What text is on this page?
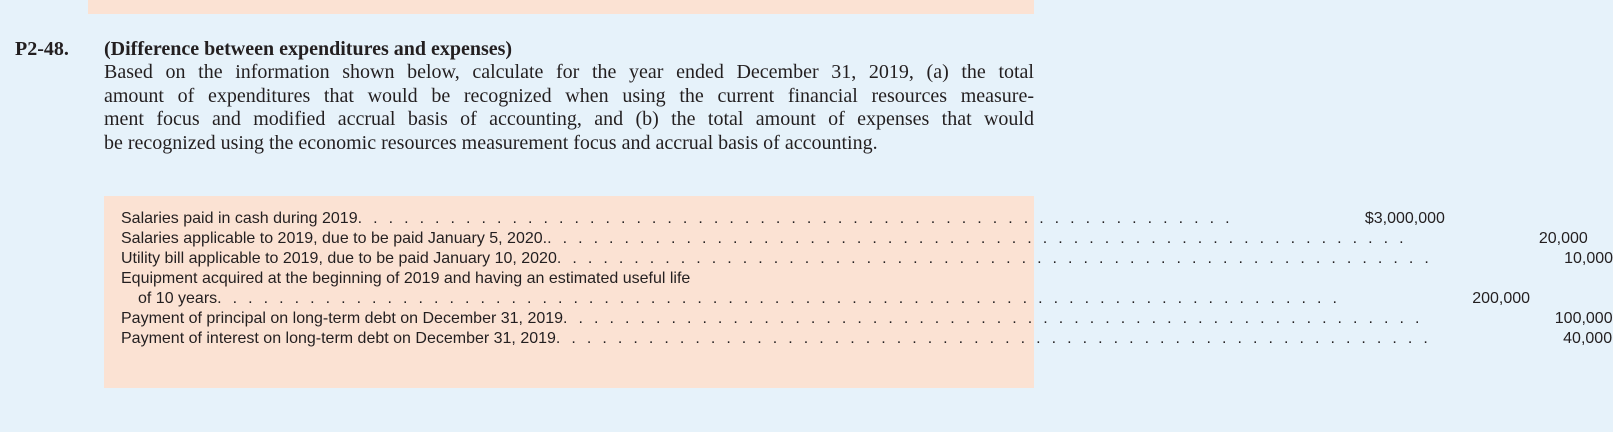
P2-48. (Difference between expenditures and expenses)

Based on the information shown below, calculate for the year ended December 31, 2019, (a) the total
amount of expenditures that would be recognized when using the current financial resources measure-
ment focus and modified accrual basis of accounting, and (b) the total amount of expenses that would
be recognized using the economic resources measurement focus and accrual basis of accounting.

Salaries paid in cash during 2019 . . . . . . . . . . . . . . . . . . . . . . . . . . . . . . . . . . . . . . . . . . . . . . . . . . . . . . . . .	$3,000,000
Salaries applicable to 2019, due to be paid January 5, 2020. . . . . . . . . . . . . . . . . . . . . . . . . . . . . . . . . . . . . . . . . . . . . . . . . . . . . . . . .	20,000
Utility bill applicable to 2019, due to be paid January 10, 2020 . . . . . . . . . . . . . . . . . . . . . . . . . . . . . . . . . . . . . . . . . . . . . . . . . . . . . . . . .	10,000
Equipment acquired at the beginning of 2019 and having an estimated useful life
of 10 years . . . . . . . . . . . . . . . . . . . . . . . . . . . . . . . . . . . . . . . . . . . . . . . . . . . . . . . . . . . . . . . . . . . . . . . . .	200,000
Payment of principal on long-term debt on December 31, 2019 . . . . . . . . . . . . . . . . . . . . . . . . . . . . . . . . . . . . . . . . . . . . . . . . . . . . . . . .	100,000
Payment of interest on long-term debt on December 31, 2019 . . . . . . . . . . . . . . . . . . . . . . . . . . . . . . . . . . . . . . . . . . . . . . . . . . . . . . . . .	40,000
